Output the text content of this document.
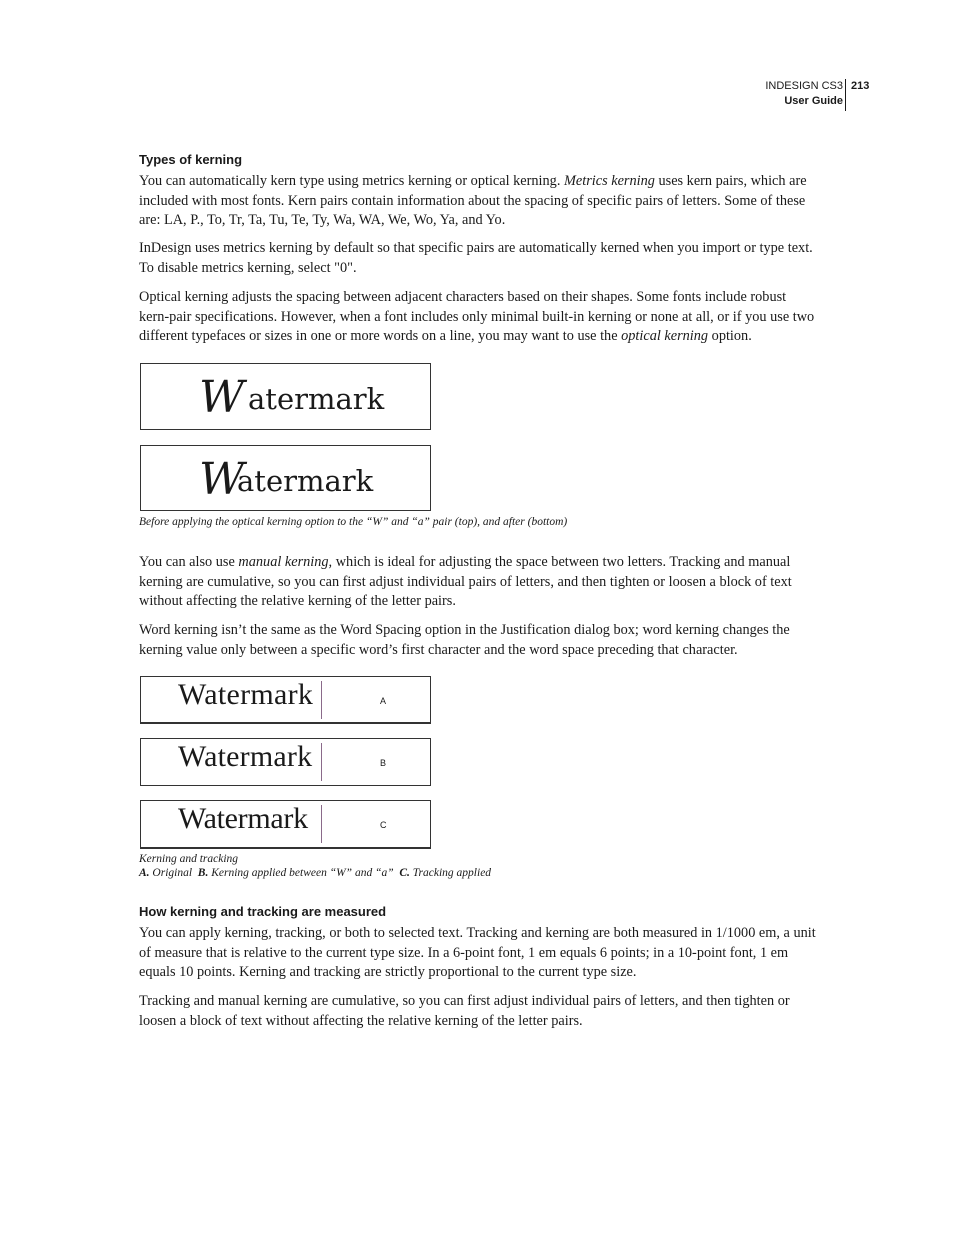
INDESIGN CS3
User Guide
213
Types of kerning
You can automatically kern type using metrics kerning or optical kerning. Metrics kerning uses kern pairs, which are included with most fonts. Kern pairs contain information about the spacing of specific pairs of letters. Some of these are: LA, P., To, Tr, Ta, Tu, Te, Ty, Wa, WA, We, Wo, Ya, and Yo.
InDesign uses metrics kerning by default so that specific pairs are automatically kerned when you import or type text. To disable metrics kerning, select "0".
Optical kerning adjusts the spacing between adjacent characters based on their shapes. Some fonts include robust kern-pair specifications. However, when a font includes only minimal built-in kerning or none at all, or if you use two different typefaces or sizes in one or more words on a line, you may want to use the optical kerning option.
W atermark
W
atermark
Before applying the optical kerning option to the “W” and “a” pair (top), and after (bottom)
You can also use manual kerning, which is ideal for adjusting the space between two letters. Tracking and manual kerning are cumulative, so you can first adjust individual pairs of letters, and then tighten or loosen a block of text without affecting the relative kerning of the letter pairs.
Word kerning isn’t the same as the Word Spacing option in the Justification dialog box; word kerning changes the kerning value only between a specific word’s first character and the word space preceding that character.
Watermark	A
Watermark	B
Watermark	C
Kerning and tracking
A. Original B. Kerning applied between “W” and “a” C. Tracking applied
How kerning and tracking are measured
You can apply kerning, tracking, or both to selected text. Tracking and kerning are both measured in 1/1000 em, a unit of measure that is relative to the current type size. In a 6-point font, 1 em equals 6 points; in a 10-point font, 1 em equals 10 points. Kerning and tracking are strictly proportional to the current type size.
Tracking and manual kerning are cumulative, so you can first adjust individual pairs of letters, and then tighten or loosen a block of text without affecting the relative kerning of the letter pairs.
